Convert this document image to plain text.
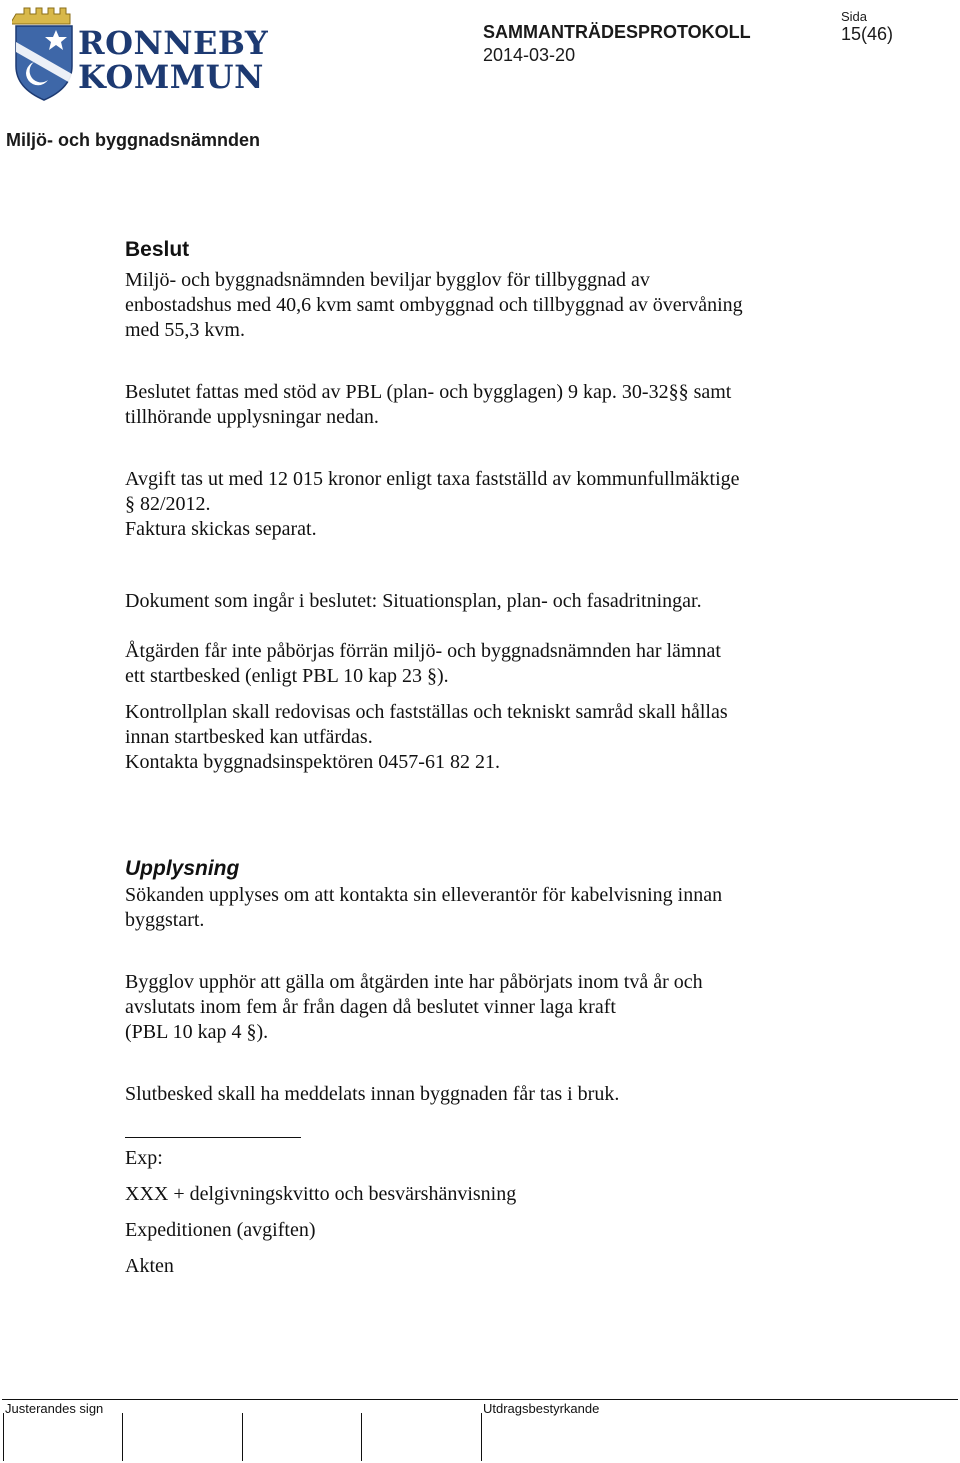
RONNEBY
KOMMUN
SAMMANTRÄDESPROTOKOLL
2014-03-20
Sida
15(46)
Miljö- och byggnadsnämnden
Beslut

Miljö- och byggnadsnämnden beviljar bygglov för tillbyggnad av

enbostadshus med 40,6 kvm samt ombyggnad och tillbyggnad av övervåning

med 55,3 kvm.

Beslutet fattas med stöd av PBL (plan- och bygglagen) 9 kap. 30-32§§ samt

tillhörande upplysningar nedan.

Avgift tas ut med 12 015 kronor enligt taxa fastställd av kommunfullmäktige

§ 82/2012.

Faktura skickas separat.

Dokument som ingår i beslutet: Situationsplan, plan- och fasadritningar.

Åtgärden får inte påbörjas förrän miljö- och byggnadsnämnden har lämnat

ett startbesked (enligt PBL 10 kap 23 §).

Kontrollplan skall redovisas och fastställas och tekniskt samråd skall hållas

innan startbesked kan utfärdas.

Kontakta byggnadsinspektören 0457-61 82 21.

Upplysning

Sökanden upplyses om att kontakta sin elleverantör för kabelvisning innan

byggstart.

Bygglov upphör att gälla om åtgärden inte har påbörjats inom två år och

avslutats inom fem år från dagen då beslutet vinner laga kraft

(PBL 10 kap 4 §).

Slutbesked skall ha meddelats innan byggnaden får tas i bruk.

Exp:

XXX + delgivningskvitto och besvärshänvisning

Expeditionen (avgiften)

Akten

Justerandes sign	Utdragsbestyrkande
